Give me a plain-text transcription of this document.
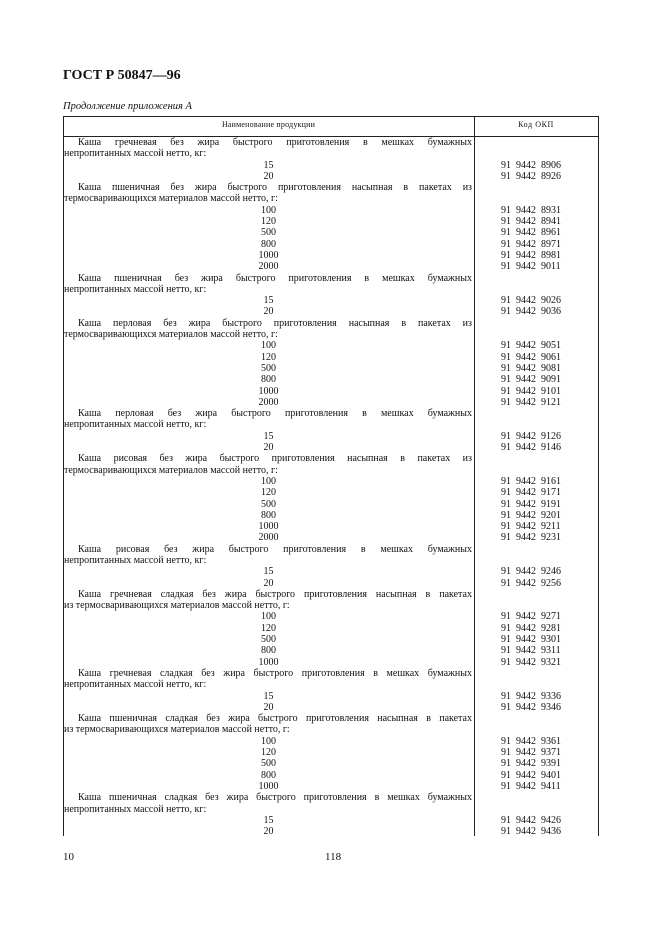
ГОСТ Р 50847—96
Продолжение приложения А
Наименование продукции	Код ОКП
Каша гречневая без жира быстрого приготовления в мешках бумажных
непропитанных массой нетто, кг:
15	91  9442  8906
20	91  9442  8926
Каша пшеничная без жира быстрого приготовления насыпная в пакетах из
термосваривающихся материалов массой нетто, г:
100	91  9442  8931
120	91  9442  8941
500	91  9442  8961
800	91  9442  8971
1000	91  9442  8981
2000	91  9442  9011
Каша пшеничная без жира быстрого приготовления в мешках бумажных
непропитанных массой нетто, кг:
15	91  9442  9026
20	91  9442  9036
Каша перловая без жира быстрого приготовления насыпная в пакетах из
термосваривающихся материалов массой нетто, г:
100	91  9442  9051
120	91  9442  9061
500	91  9442  9081
800	91  9442  9091
1000	91  9442  9101
2000	91  9442  9121
Каша перловая без жира быстрого приготовления в мешках бумажных
непропитанных массой нетто, кг:
15	91  9442  9126
20	91  9442  9146
Каша рисовая без жира быстрого приготовления насыпная в пакетах из
термосваривающихся материалов массой нетто, г:
100	91  9442  9161
120	91  9442  9171
500	91  9442  9191
800	91  9442  9201
1000	91  9442  9211
2000	91  9442  9231
Каша рисовая без жира быстрого приготовления в мешках бумажных
непропитанных массой нетто, кг:
15	91  9442  9246
20	91  9442  9256
Каша гречневая сладкая без жира быстрого приготовления насыпная в пакетах
из термосваривающихся материалов массой нетто, г:
100	91  9442  9271
120	91  9442  9281
500	91  9442  9301
800	91  9442  9311
1000	91  9442  9321
Каша гречневая сладкая без жира быстрого приготовления в мешках бумажных
непропитанных массой нетто, кг:
15	91  9442  9336
20	91  9442  9346
Каша пшеничная сладкая без жира быстрого приготовления насыпная в пакетах
из термосваривающихся материалов массой нетто, г:
100	91  9442  9361
120	91  9442  9371
500	91  9442  9391
800	91  9442  9401
1000	91  9442  9411
Каша пшеничная сладкая без жира быстрого приготовления в мешках бумажных
непропитанных массой нетто, кг:
15	91  9442  9426
20	91  9442  9436
10	118
